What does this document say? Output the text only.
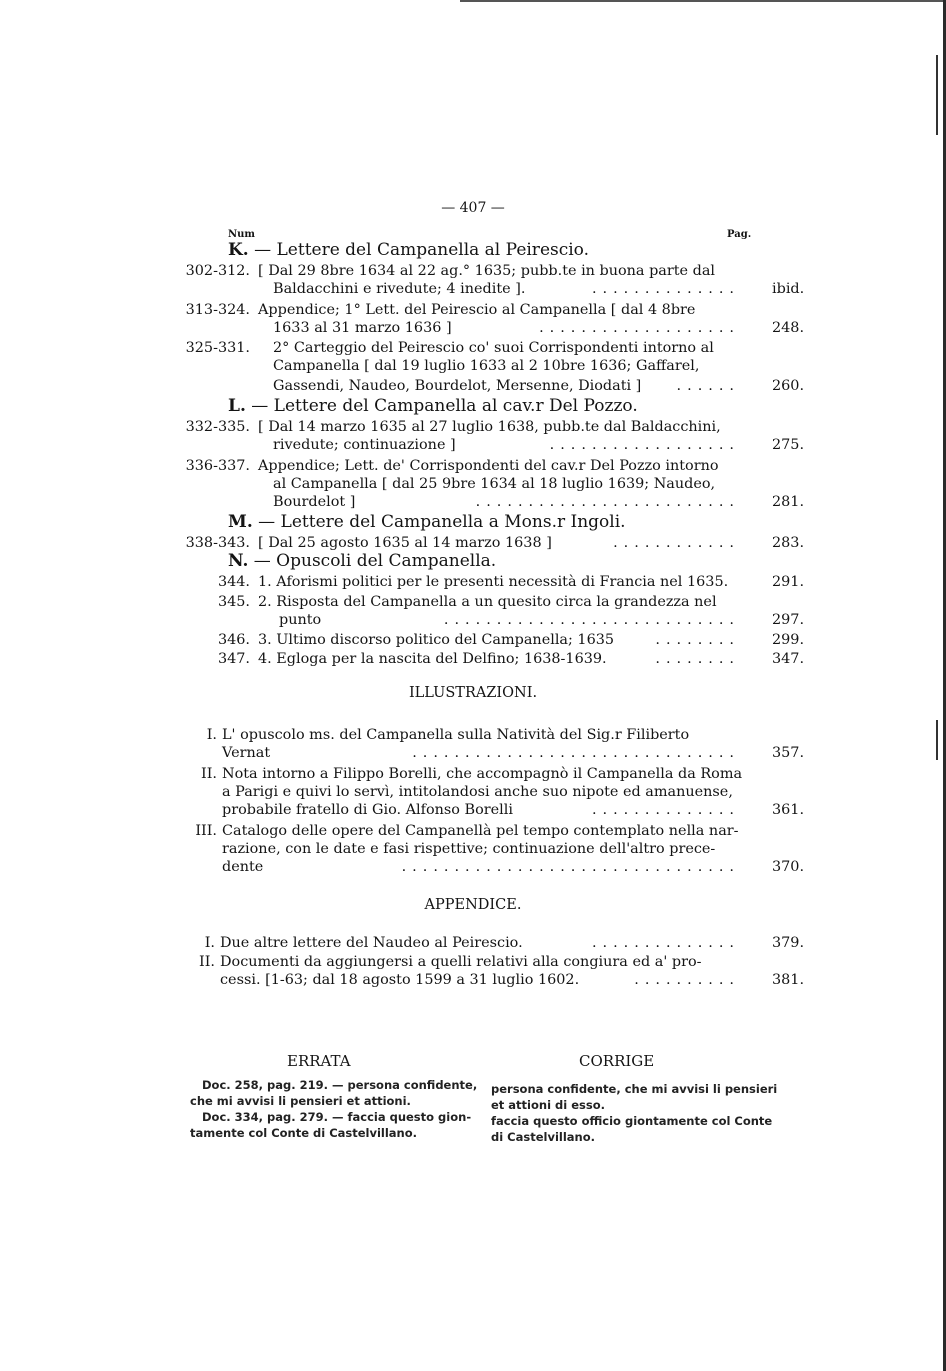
— 407 —
Num	Pag.
K. — Lettere del Campanella al Peirescio.
302-312. [ Dal 29 8bre 1634 al 22 ag.° 1635; pubb.te in buona parte dal
Baldacchini e rivedute; 4 inedite ].	ibid.
..............
313-324. Appendice; 1° Lett. del Peirescio al Campanella [ dal 4 8bre
1633 al 31 marzo 1636 ]	248.
...................
325-331. 2° Carteggio del Peirescio co' suoi Corrispondenti intorno al
Campanella [ dal 19 luglio 1633 al 2 10bre 1636; Gaffarel,
Gassendi, Naudeo, Bourdelot, Mersenne, Diodati ]	260.
......
332-335. [ Dal 14 marzo 1635 al 27 luglio 1638, pubb.te dal Baldacchini,
rivedute; continuazione ]	275.
..................
336-337. Appendice; Lett. de' Corrispondenti del cav.r Del Pozzo intorno
al Campanella [ dal 25 9bre 1634 al 18 luglio 1639; Naudeo,
Bourdelot ]	281.
.........................
338-343. [ Dal 25 agosto 1635 al 14 marzo 1638 ]	283.
............
344. 1. Aforismi politici per le presenti necessità di Francia nel 1635.	291.
345. 2. Risposta del Campanella a un quesito circa la grandezza nel
punto	297.
............................
346. 3. Ultimo discorso politico del Campanella; 1635	299.
........
347. 4. Egloga per la nascita del Delfino; 1638-1639.	347.
........
I. L' opuscolo ms. del Campanella sulla Natività del Sig.r Filiberto
Vernat	357.
...............................
II. Nota intorno a Filippo Borelli, che accompagnò il Campanella da Roma
a Parigi e quivi lo servì, intitolandosi anche suo nipote ed amanuense,
probabile fratello di Gio. Alfonso Borelli	361.
..............
III. Catalogo delle opere del Campanellà pel tempo contemplato nella nar-
razione, con le date e fasi rispettive; continuazione dell'altro prece-
dente	370.
................................
I. Due altre lettere del Naudeo al Peirescio.	379.
..............
II. Documenti da aggiungersi a quelli relativi alla congiura ed a' pro-
cessi. [1-63; dal 18 agosto 1599 a 31 luglio 1602.	381.
..........
L. — Lettere del Campanella al cav.r Del Pozzo.
M. — Lettere del Campanella a Mons.r Ingoli.
N. — Opuscoli del Campanella.
ILLUSTRAZIONI.
APPENDICE.
ERRATA	CORRIGE
Doc. 258, pag. 219. — persona confidente,
che mi avvisi li pensieri et attioni.
Doc. 334, pag. 279. — faccia questo gion-
tamente col Conte di Castelvillano.
persona confidente, che mi avvisi li pensieri
et attioni di esso.
faccia questo officio giontamente col Conte
di Castelvillano.
